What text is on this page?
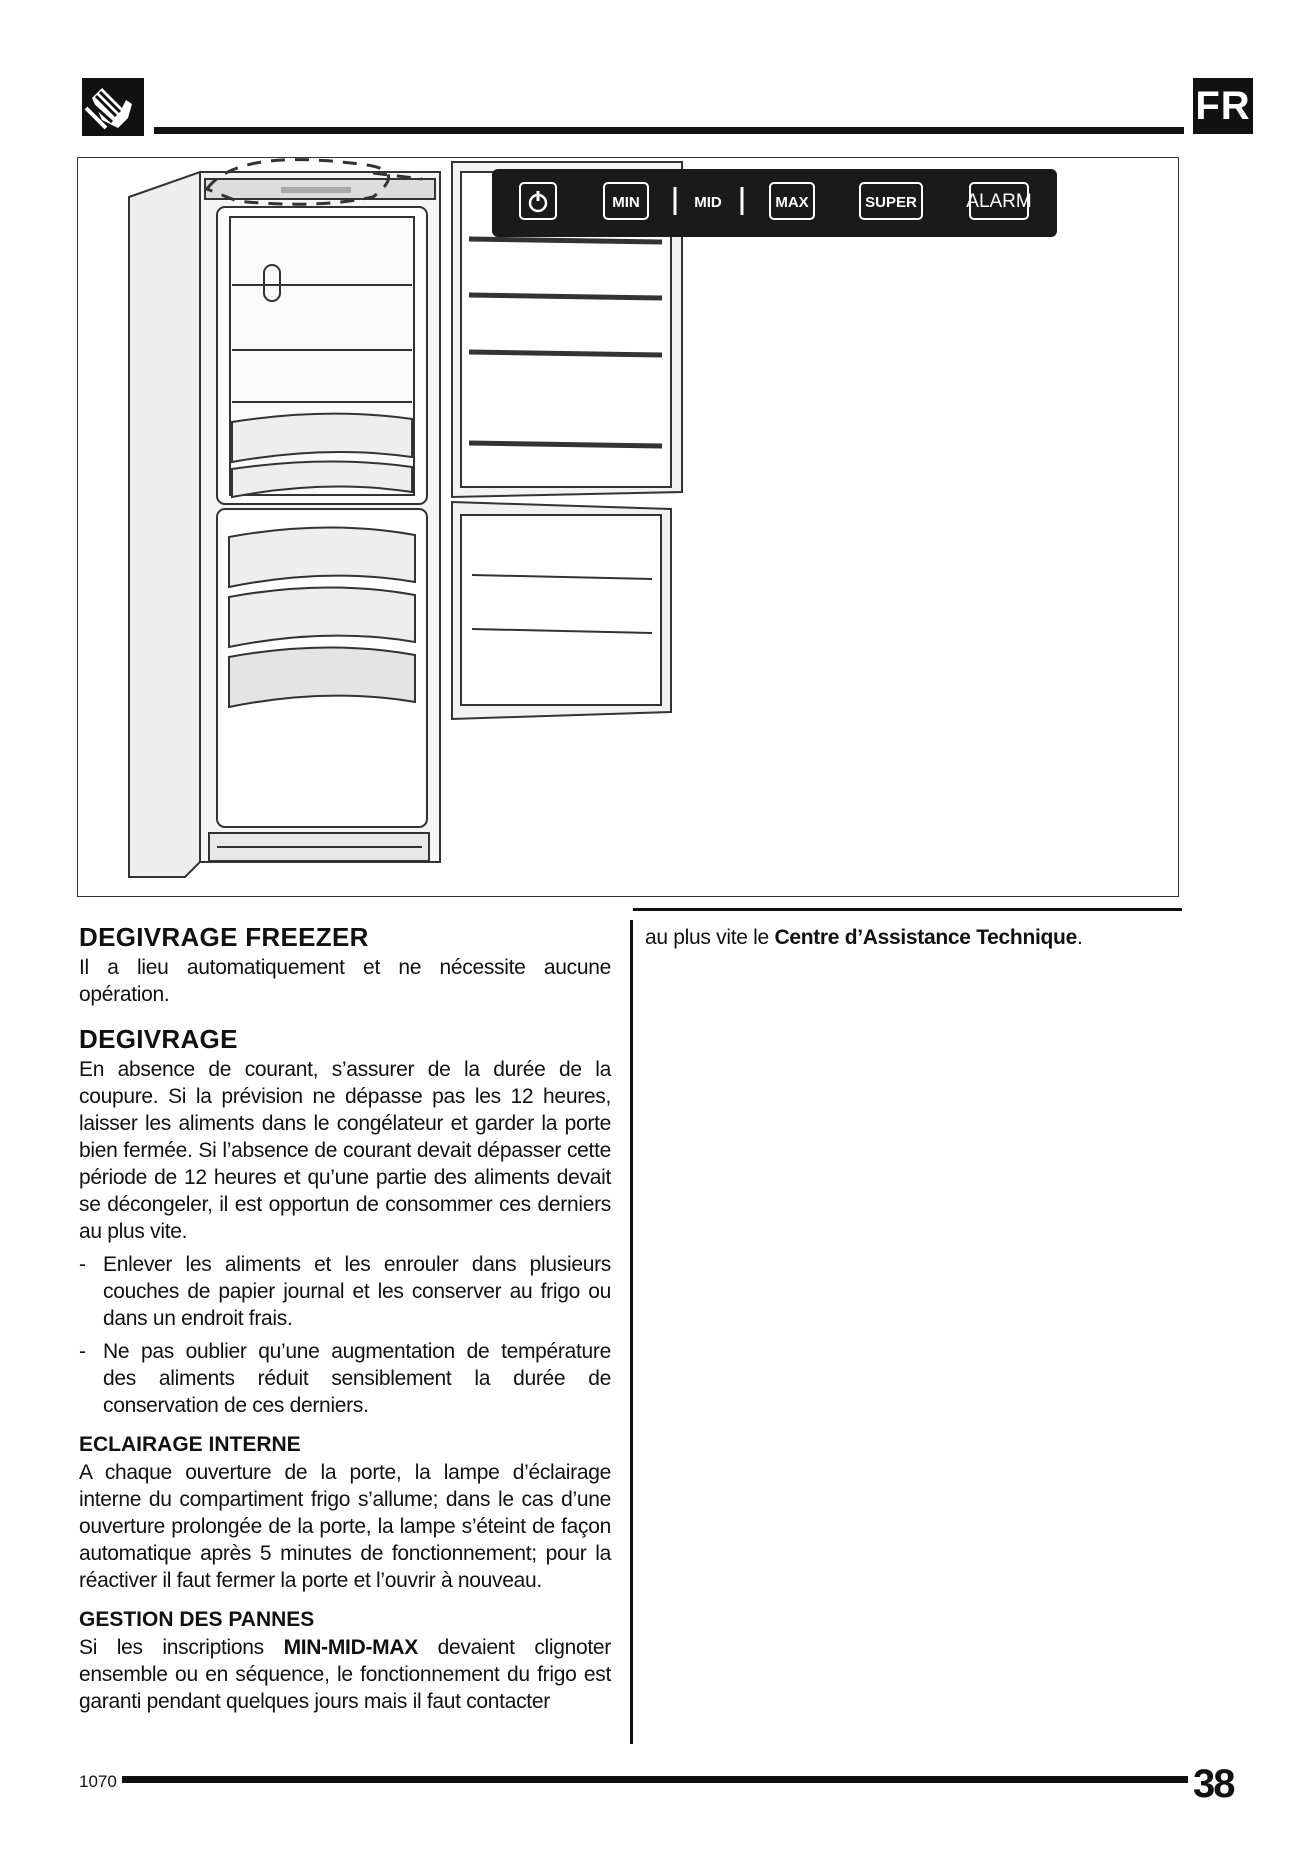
FR
MIN	MID	MAX	SUPER	ALARM
DEGIVRAGE FREEZER

Il a lieu automatiquement et ne nécessite aucune opération.

DEGIVRAGE

En absence de courant, s’assurer de la durée de la coupure. Si la prévision ne dépasse pas les 12 heures, laisser les aliments dans le congélateur et garder la porte bien fermée. Si l’absence de courant devait dépasser cette période de 12 heures et qu’une partie des aliments devait se décongeler, il est opportun de consommer ces derniers au plus vite.

- Enlever les aliments et les enrouler dans plusieurs couches de papier journal et les conserver au frigo ou dans un endroit frais.
- Ne pas oublier qu’une augmentation de température des aliments réduit sensiblement la durée de conservation de ces derniers.
ECLAIRAGE INTERNE

A chaque ouverture de la porte, la lampe d’éclairage interne du compartiment frigo s’allume; dans le cas d’une ouverture prolongée de la porte, la lampe s’éteint de façon automatique après 5 minutes de fonctionnement; pour la réactiver il faut fermer la porte et l’ouvrir à nouveau.

GESTION DES PANNES

Si les inscriptions MIN-MID-MAX devaient clignoter ensemble ou en séquence, le fonctionnement du frigo est garanti pendant quelques jours mais il faut contacter

au plus vite le Centre d’Assistance Technique.

1070	38
